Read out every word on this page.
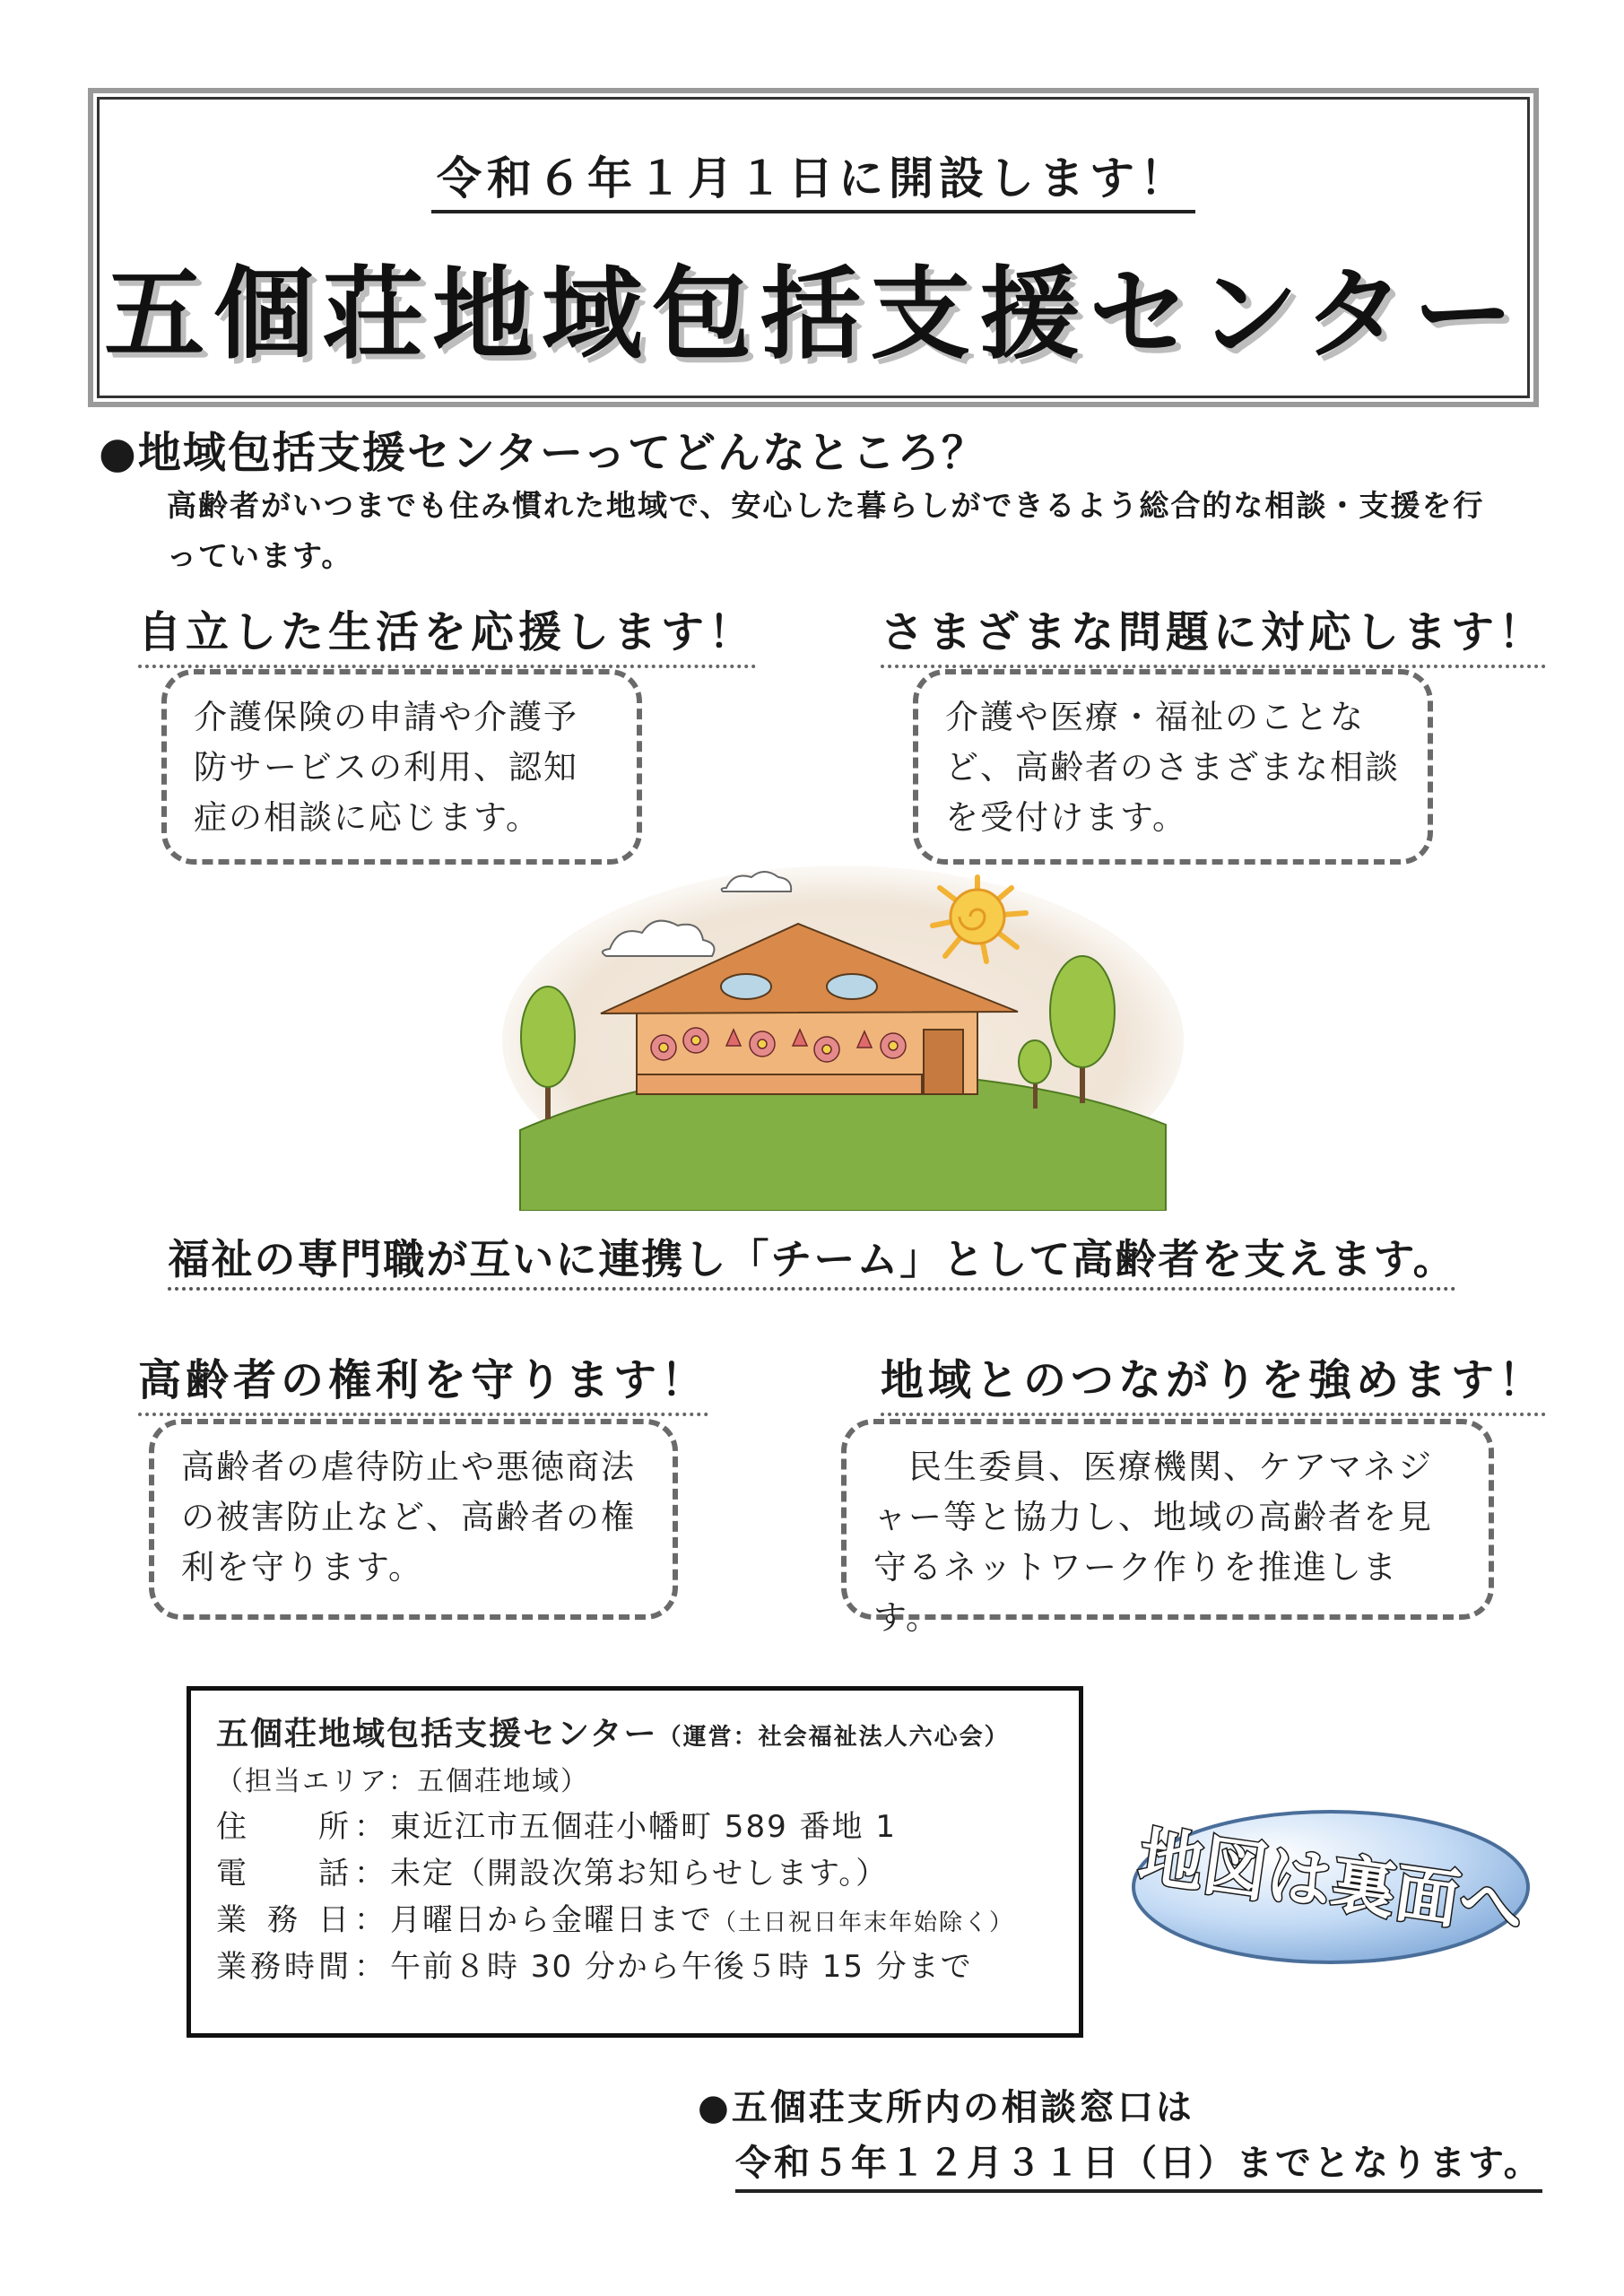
令和６年１月１日に開設します！
五個荘地域包括支援センター
●地域包括支援センターってどんなところ？
高齢者がいつまでも住み慣れた地域で、安心した暮らしができるよう総合的な相談・支援を行っています。
自立した生活を応援します！
介護保険の申請や介護予防サービスの利用、認知症の相談に応じます。
さまざまな問題に対応します！
介護や医療・福祉のことなど、高齢者のさまざまな相談を受付けます。
福祉の専門職が互いに連携し「チーム」として高齢者を支えます。
高齢者の権利を守ります！
高齢者の虐待防止や悪徳商法の被害防止など、高齢者の権利を守ります。
地域とのつながりを強めます！
　民生委員、医療機関、ケアマネジャー等と協力し、地域の高齢者を見守るネットワーク作りを推進します。
五個荘地域包括支援センター（運営：社会福祉法人六心会）
（担当エリア：五個荘地域）
住所 ： 東近江市五個荘小幡町 589 番地 1
電話 ： 未定（開設次第お知らせします。）
業務日 ： 月曜日から金曜日まで（土日祝日年末年始除く）
業務時間 ： 午前８時 30 分から午後５時 15 分まで
地図は裏面へ
●五個荘支所内の相談窓口は
令和５年１２月３１日（日）までとなります。
